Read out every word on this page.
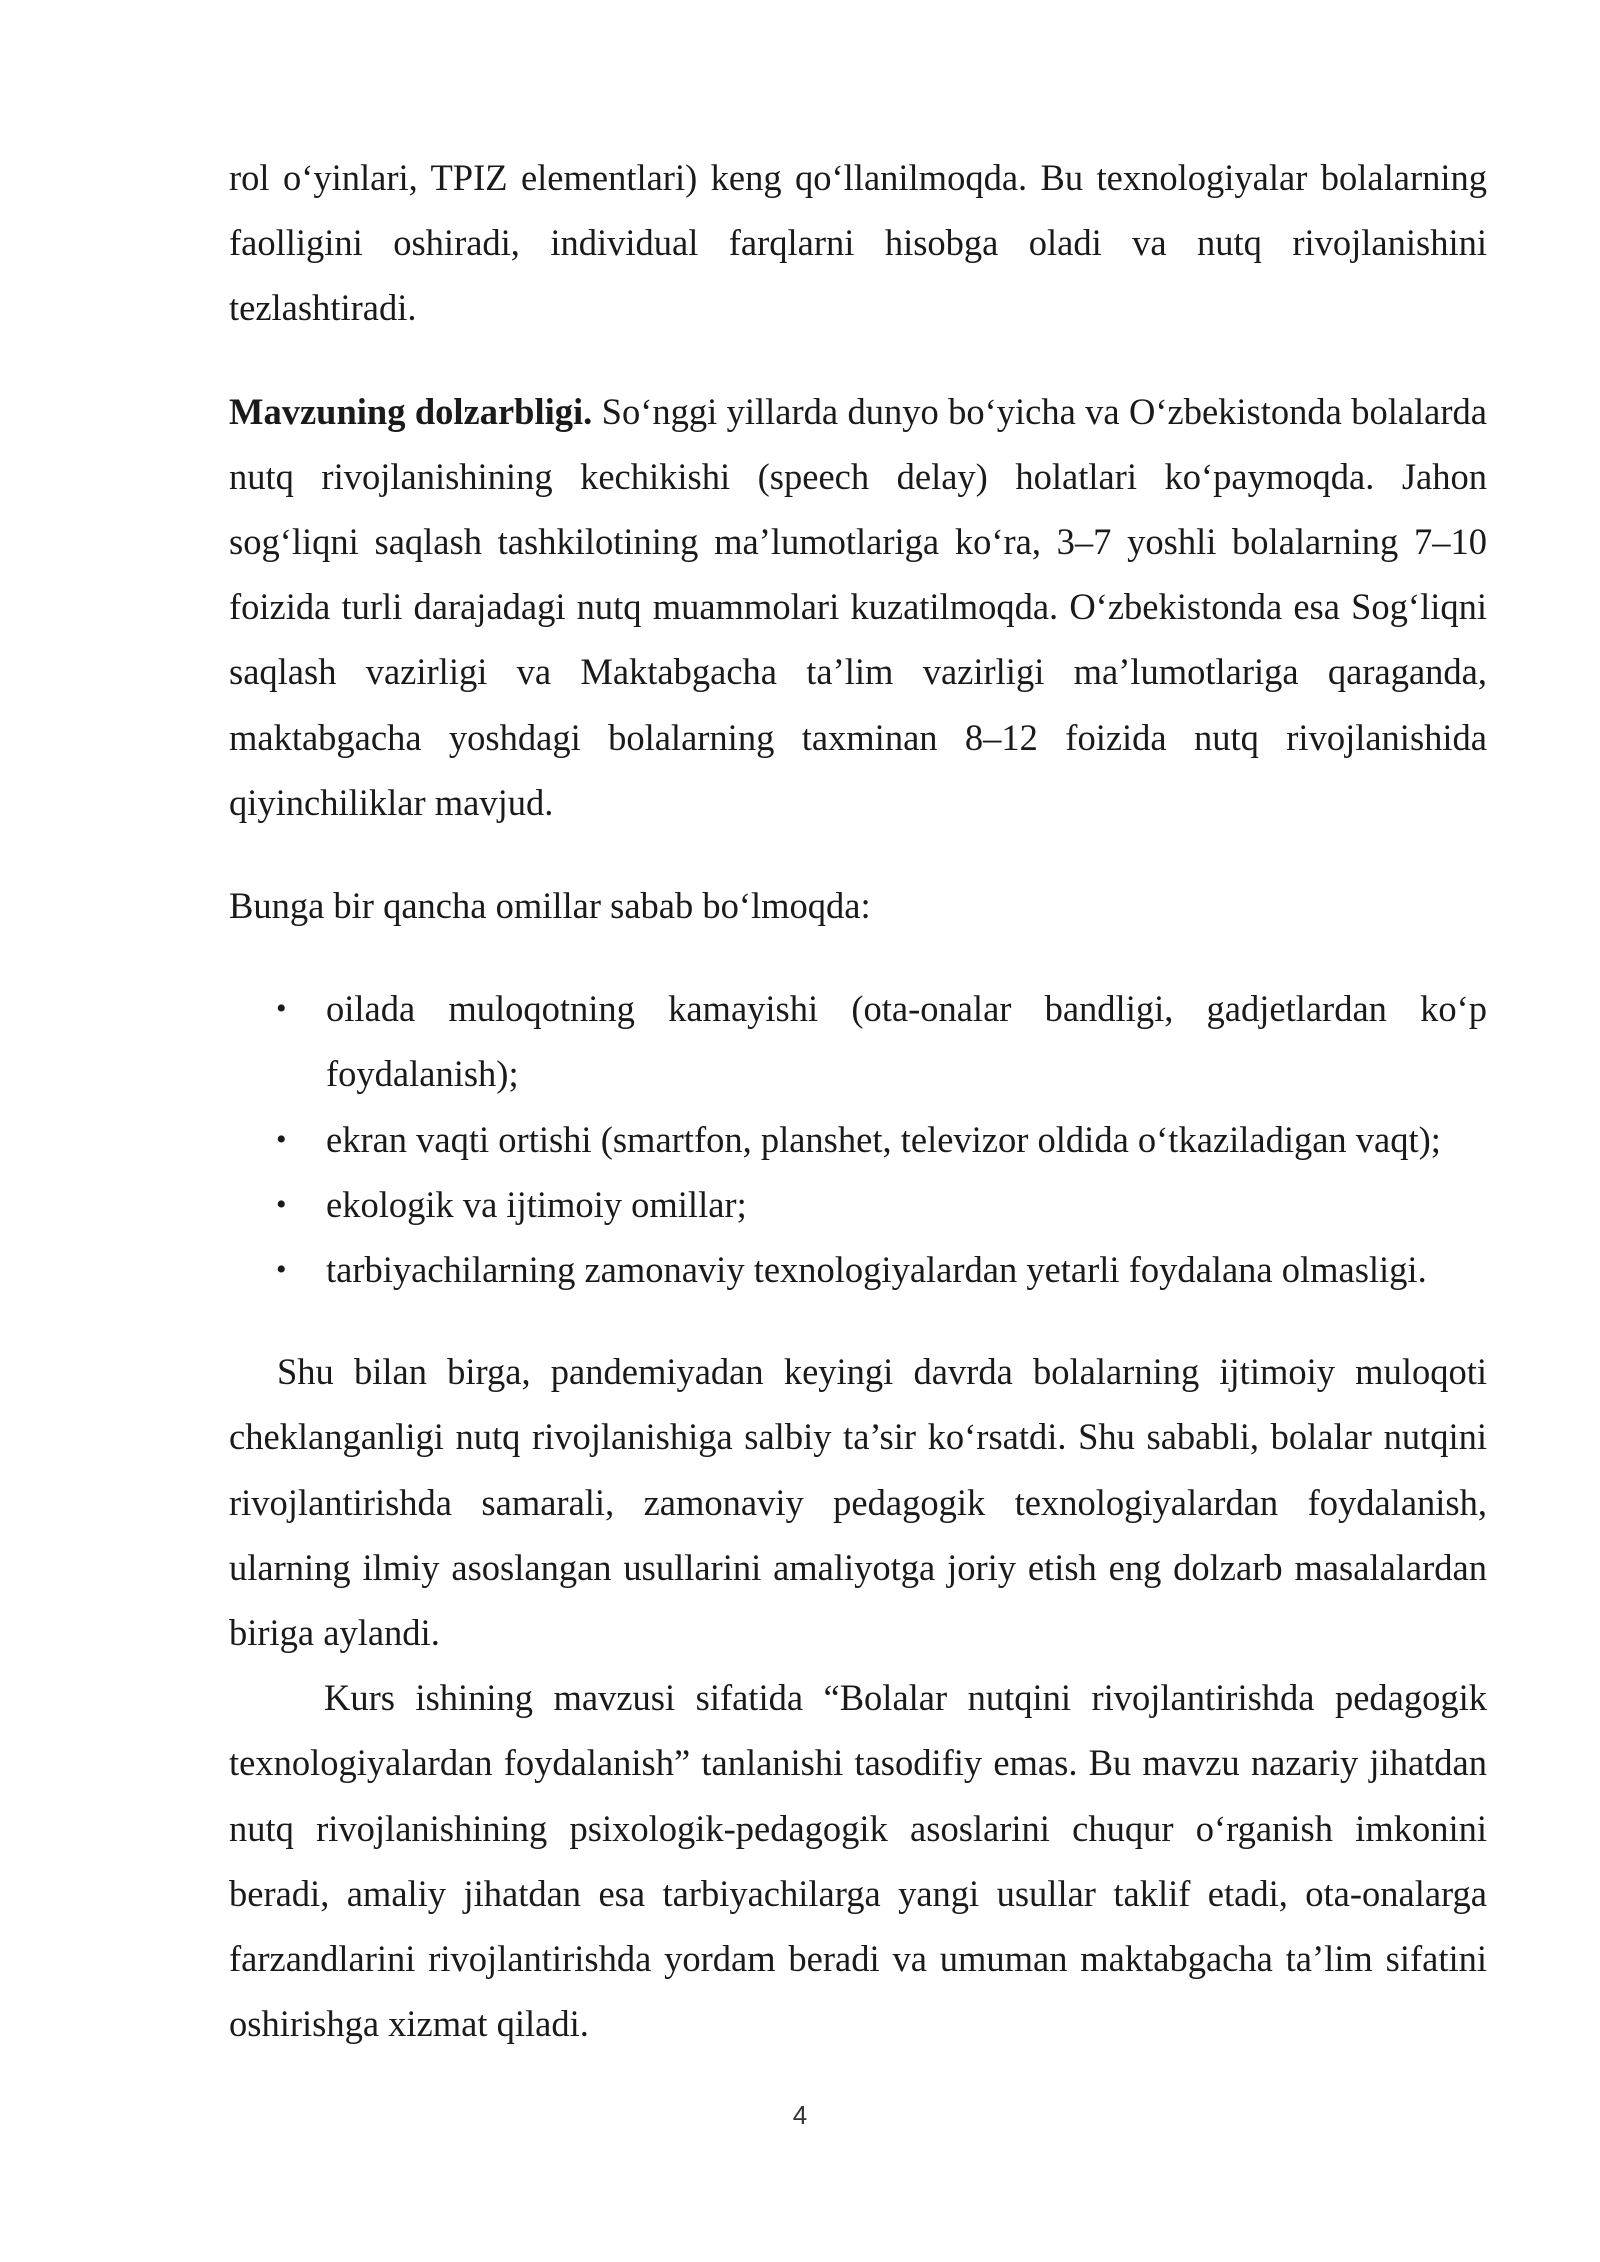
rol o‘yinlari, TPIZ elementlari) keng qo‘llanilmoqda. Bu texnologiyalar bolalarning faolligini oshiradi, individual farqlarni hisobga oladi va nutq rivojlanishini tezlashtiradi.

Mavzuning dolzarbligi. So‘nggi yillarda dunyo bo‘yicha va O‘zbekistonda bolalarda nutq rivojlanishining kechikishi (speech delay) holatlari ko‘paymoqda. Jahon sog‘liqni saqlash tashkilotining ma’lumotlariga ko‘ra, 3–7 yoshli bolalarning 7–10 foizida turli darajadagi nutq muammolari kuzatilmoqda. O‘zbekistonda esa Sog‘liqni saqlash vazirligi va Maktabgacha ta’lim vazirligi ma’lumotlariga qaraganda, maktabgacha yoshdagi bolalarning taxminan 8–12 foizida nutq rivojlanishida qiyinchiliklar mavjud.

Bunga bir qancha omillar sabab bo‘lmoqda:

• oilada muloqotning kamayishi (ota-onalar bandligi, gadjetlardan ko‘p foydalanish);
• ekran vaqti ortishi (smartfon, planshet, televizor oldida o‘tkaziladigan vaqt);
• ekologik va ijtimoiy omillar;
• tarbiyachilarning zamonaviy texnologiyalardan yetarli foydalana olmasligi.

Shu bilan birga, pandemiyadan keyingi davrda bolalarning ijtimoiy muloqoti cheklanganligi nutq rivojlanishiga salbiy ta’sir ko‘rsatdi. Shu sababli, bolalar nutqini rivojlantirishda samarali, zamonaviy pedagogik texnologiyalardan foydalanish, ularning ilmiy asoslangan usullarini amaliyotga joriy etish eng dolzarb masalalardan biriga aylandi.

Kurs ishining mavzusi sifatida “Bolalar nutqini rivojlantirishda pedagogik texnologiyalardan foydalanish” tanlanishi tasodifiy emas. Bu mavzu nazariy jihatdan nutq rivojlanishining psixologik-pedagogik asoslarini chuqur o‘rganish imkonini beradi, amaliy jihatdan esa tarbiyachilarga yangi usullar taklif etadi, ota-onalarga farzandlarini rivojlantirishda yordam beradi va umuman maktabgacha ta’lim sifatini oshirishga xizmat qiladi.

4
